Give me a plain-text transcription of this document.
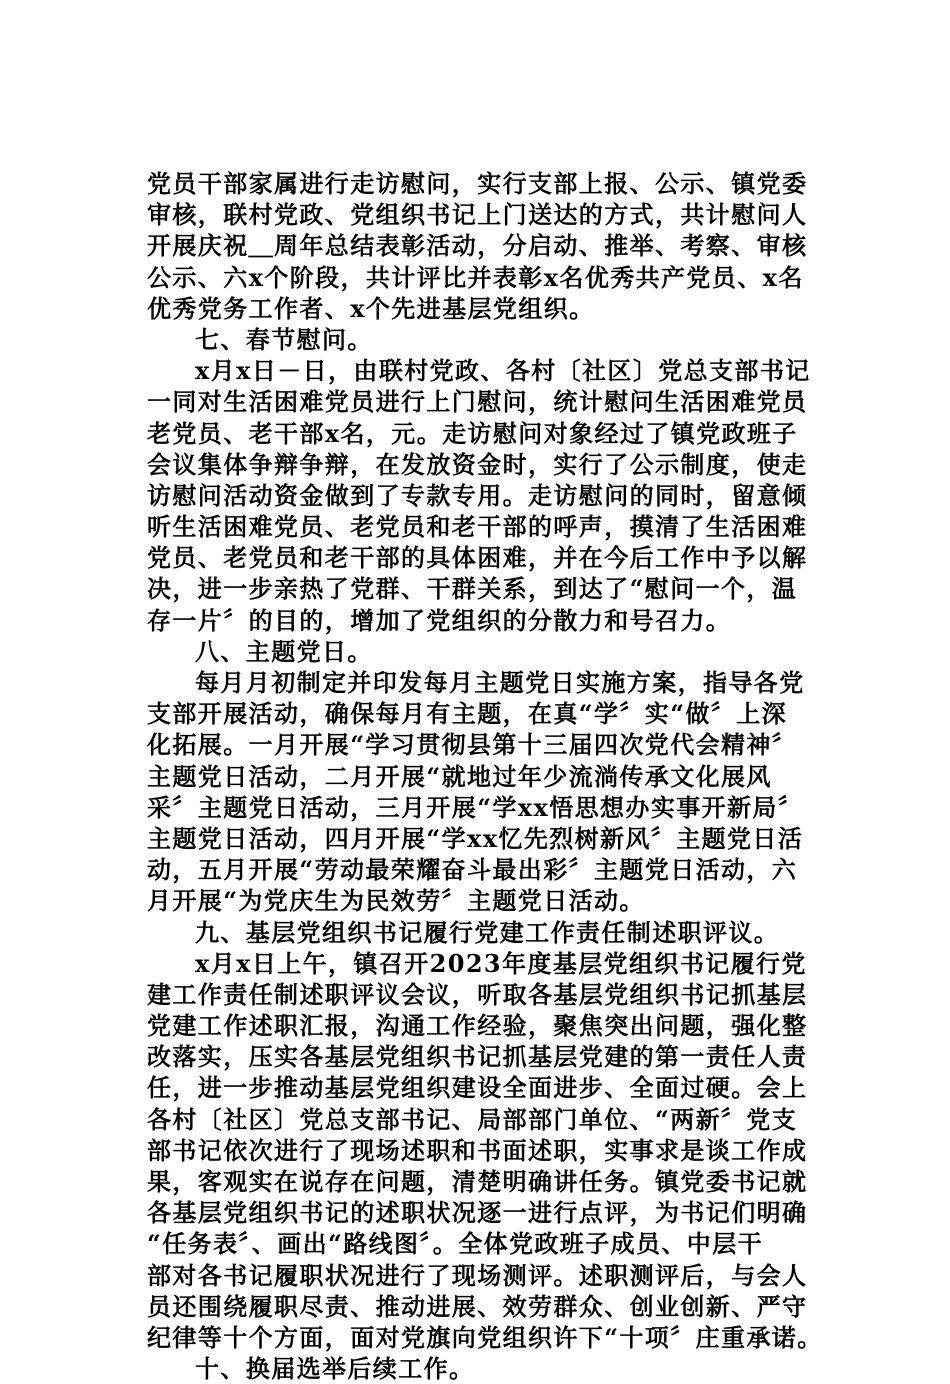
党员干部家属进行走访慰问，实行支部上报、公示、镇党委
审核，联村党政、党组织书记上门送达的方式，共计慰问人
开展庆祝＿周年总结表彰活动，分启动、推举、考察、审核
公示、六x个阶段，共计评比并表彰x名优秀共产党员、x名
优秀党务工作者、x个先进基层党组织。
七、春节慰问。
x月x日－日，由联村党政、各村〔社区〕党总支部书记
一同对生活困难党员进行上门慰问，统计慰问生活困难党员
老党员、老干部x名，元。走访慰问对象经过了镇党政班子
会议集体争辩争辩，在发放资金时，实行了公示制度，使走
访慰问活动资金做到了专款专用。走访慰问的同时，留意倾
听生活困难党员、老党员和老干部的呼声，摸清了生活困难
党员、老党员和老干部的具体困难，并在今后工作中予以解
决，进一步亲热了党群、干群关系，到达了“慰问一个，温
存一片〞的目的，增加了党组织的分散力和号召力。
八、主题党日。
每月月初制定并印发每月主题党日实施方案，指导各党
支部开展活动，确保每月有主题，在真“学〞实“做〞上深
化拓展。一月开展“学习贯彻县第十三届四次党代会精神〞
主题党日活动，二月开展“就地过年少流淌传承文化展风
采〞主题党日活动，三月开展“学xx悟思想办实事开新局〞
主题党日活动，四月开展“学xx忆先烈树新风〞主题党日活
动，五月开展“劳动最荣耀奋斗最出彩〞主题党日活动，六
月开展“为党庆生为民效劳〞主题党日活动。
九、基层党组织书记履行党建工作责任制述职评议。
x月x日上午，镇召开2023年度基层党组织书记履行党
建工作责任制述职评议会议，听取各基层党组织书记抓基层
党建工作述职汇报，沟通工作经验，聚焦突出问题，强化整
改落实，压实各基层党组织书记抓基层党建的第一责任人责
任，进一步推动基层党组织建设全面进步、全面过硬。会上
各村〔社区〕党总支部书记、局部部门单位、“两新〞党支
部书记依次进行了现场述职和书面述职，实事求是谈工作成
果，客观实在说存在问题，清楚明确讲任务。镇党委书记就
各基层党组织书记的述职状况逐一进行点评，为书记们明确
“任务表〞、画出“路线图〞。全体党政班子成员、中层干
部对各书记履职状况进行了现场测评。述职测评后，与会人
员还围绕履职尽责、推动进展、效劳群众、创业创新、严守
纪律等十个方面，面对党旗向党组织许下“十项〞庄重承诺。
十、换届选举后续工作。
